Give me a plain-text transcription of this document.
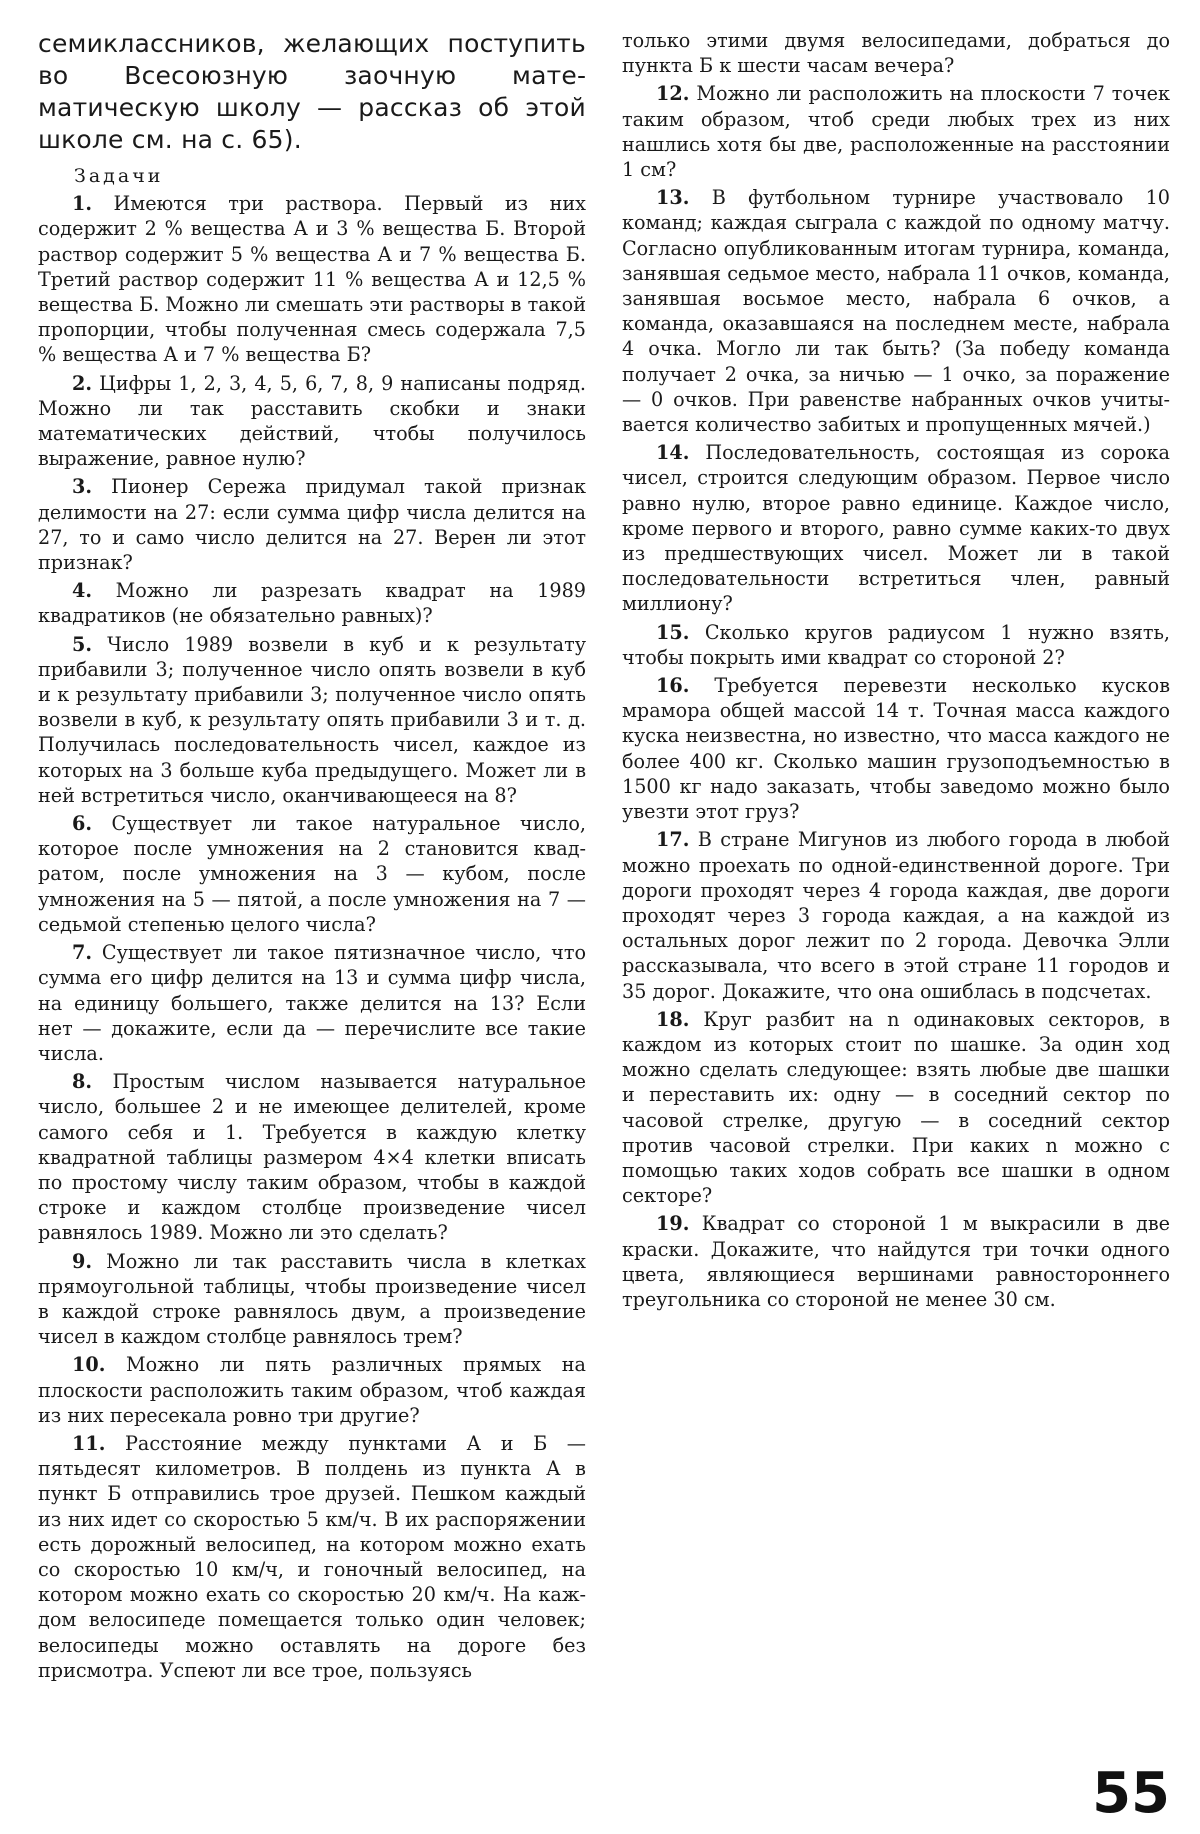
семиклассников, желающих поступить во Всесоюзную заочную математическую школу — рассказ об этой школе см. на с. 65).

Задачи

1. Имеются три раствора. Первый из них содержит 2 % вещества А и 3 % вещества Б. Второй раствор содержит 5 % вещества А и 7 % вещества Б. Третий раствор содержит 11 % вещества А и 12,5 % вещества Б. Можно ли смешать эти растворы в такой пропорции, чтобы полученная смесь содержала 7,5 % вещества А и 7 % вещества Б?

2. Цифры 1, 2, 3, 4, 5, 6, 7, 8, 9 написаны подряд. Можно ли так расставить скобки и знаки математических действий, чтобы получилось выражение, равное нулю?

3. Пионер Сережа придумал такой признак делимости на 27: если сумма цифр числа делится на 27, то и само число делится на 27. Верен ли этот признак?

4. Можно ли разрезать квадрат на 1989 квадратиков (не обязательно равных)?

5. Число 1989 возвели в куб и к результату прибавили 3; полученное число опять возвели в куб и к результату прибавили 3; полученное число опять возвели в куб, к результату опять прибавили 3 и т. д. Получилась последовательность чисел, каждое из которых на 3 больше куба предыдущего. Может ли в ней встретиться число, оканчивающееся на 8?

6. Существует ли такое натуральное число, которое после умножения на 2 становится квадратом, после умножения на 3 — кубом, после умножения на 5 — пятой, а после умножения на 7 — седьмой степенью целого числа?

7. Существует ли такое пятизначное число, что сумма его цифр делится на 13 и сумма цифр числа, на единицу большего, также делится на 13? Если нет — докажите, если да — перечислите все такие числа.

8. Простым числом называется натуральное число, большее 2 и не имеющее делителей, кроме самого себя и 1. Требуется в каждую клетку квадратной таблицы размером 4×4 клетки вписать по простому числу таким образом, чтобы в каждой строке и каждом столбце произведение чисел равнялось 1989. Можно ли это сделать?

9. Можно ли так расставить числа в клетках прямоугольной таблицы, чтобы произведение чисел в каждой строке равнялось двум, а произведение чисел в каждом столбце равнялось трем?

10. Можно ли пять различных прямых на плоскости расположить таким образом, чтоб каждая из них пересекала ровно три другие?

11. Расстояние между пунктами А и Б — пятьдесят километров. В полдень из пункта А в пункт Б отправились трое друзей. Пешком каждый из них идет со скоростью 5 км/ч. В их распоряжении есть дорожный велосипед, на котором можно ехать со скоростью 10 км/ч, и гоночный велосипед, на котором можно ехать со скоростью 20 км/ч. На каждом велосипеде помещается только один человек; велосипеды можно оставлять на дороге без присмотра. Успеют ли все трое, пользуясь

только этими двумя велосипедами, добраться до пункта Б к шести часам вечера?

12. Можно ли расположить на плоскости 7 точек таким образом, чтоб среди любых трех из них нашлись хотя бы две, расположенные на расстоянии 1 см?

13. В футбольном турнире участвовало 10 команд; каждая сыграла с каждой по одному матчу. Согласно опубликованным итогам турнира, команда, занявшая седьмое место, набрала 11 очков, команда, занявшая восьмое место, набрала 6 очков, а команда, оказавшаяся на последнем месте, набрала 4 очка. Могло ли так быть? (За победу команда получает 2 очка, за ничью — 1 очко, за поражение — 0 очков. При равенстве набранных очков учитывается количество забитых и пропущенных мячей.)

14. Последовательность, состоящая из сорока чисел, строится следующим образом. Первое число равно нулю, второе равно единице. Каждое число, кроме первого и второго, равно сумме каких-то двух из предшествующих чисел. Может ли в такой последовательности встретиться член, равный миллиону?

15. Сколько кругов радиусом 1 нужно взять, чтобы покрыть ими квадрат со стороной 2?

16. Требуется перевезти несколько кусков мрамора общей массой 14 т. Точная масса каждого куска неизвестна, но известно, что масса каждого не более 400 кг. Сколько машин грузоподъемностью в 1500 кг надо заказать, чтобы заведомо можно было увезти этот груз?

17. В стране Мигунов из любого города в любой можно проехать по одной-единственной дороге. Три дороги проходят через 4 города каждая, две дороги проходят через 3 города каждая, а на каждой из остальных дорог лежит по 2 города. Девочка Элли рассказывала, что всего в этой стране 11 городов и 35 дорог. Докажите, что она ошиблась в подсчетах.

18. Круг разбит на n одинаковых секторов, в каждом из которых стоит по шашке. За один ход можно сделать следующее: взять любые две шашки и переставить их: одну — в соседний сектор по часовой стрелке, другую — в соседний сектор против часовой стрелки. При каких n можно с помощью таких ходов собрать все шашки в одном секторе?

19. Квадрат со стороной 1 м выкрасили в две краски. Докажите, что найдутся три точки одного цвета, являющиеся вершинами равностороннего треугольника со стороной не менее 30 см.

55
